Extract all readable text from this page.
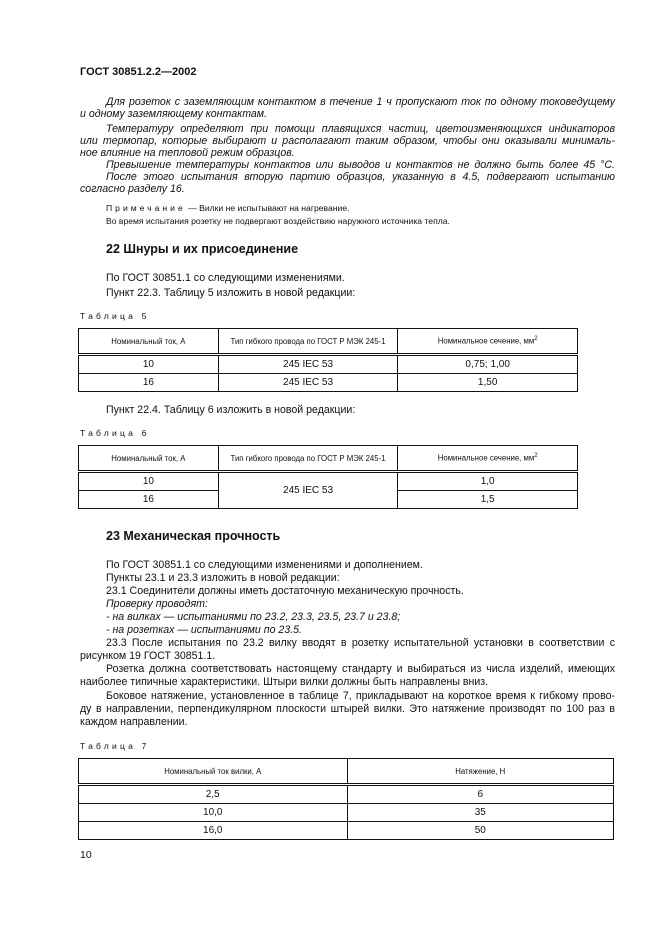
ГОСТ 30851.2.2—2002
Для розеток с заземляющим контактом в течение 1 ч пропускают ток по одному токоведущему
и одному заземляющему контактам.
Температуру определяют при помощи плавящихся частиц, цветоизменяющихся индикаторов
или термопар, которые выбирают и располагают таким образом, чтобы они оказывали минималь-
ное влияние на тепловой режим образцов.
Превышение температуры контактов или выводов и контактов не должно быть более 45 °С.
После этого испытания вторую партию образцов, указанную в 4.5, подвергают испытанию
согласно разделу 16.
Примечание — Вилки не испытывают на нагревание.
Во время испытания розетку не подвергают воздействию наружного источника тепла.
22 Шнуры и их присоединение
По ГОСТ 30851.1 со следующими изменениями.
Пункт 22.3. Таблицу 5 изложить в новой редакции:
Таблица 5
Номинальный ток, А	Тип гибкого провода по ГОСТ Р МЭК 245-1	Номинальное сечение, $мм^2$
10	245 IEC 53	0,75; 1,00
16	245 IEC 53	1,50
Пункт 22.4. Таблицу 6 изложить в новой редакции:
Таблица 6
Номинальный ток, А	Тип гибкого провода по ГОСТ Р МЭК 245-1	Номинальное сечение, $мм^2$
10	245 IEC 53	1,0
16		1,5
23 Механическая прочность
По ГОСТ 30851.1 со следующими изменениями и дополнением.
Пункты 23.1 и 23.3 изложить в новой редакции:
23.1 Соединители должны иметь достаточную механическую прочность.
Проверку проводят:
- на вилках — испытаниями по 23.2, 23.3, 23.5, 23.7 и 23.8;
- на розетках — испытаниями по 23.5.
23.3 После испытания по 23.2 вилку вводят в розетку испытательной установки в соответствии с
рисунком 19 ГОСТ 30851.1.
Розетка должна соответствовать настоящему стандарту и выбираться из числа изделий, имеющих
наиболее типичные характеристики. Штыри вилки должны быть направлены вниз.
Боковое натяжение, установленное в таблице 7, прикладывают на короткое время к гибкому прово-
ду в направлении, перпендикулярном плоскости штырей вилки. Это натяжение производят по 100 раз в
каждом направлении.
Таблица 7
Номинальный ток вилки, А	Натяжение, Н
2,5	6
10,0	35
16,0	50
10
